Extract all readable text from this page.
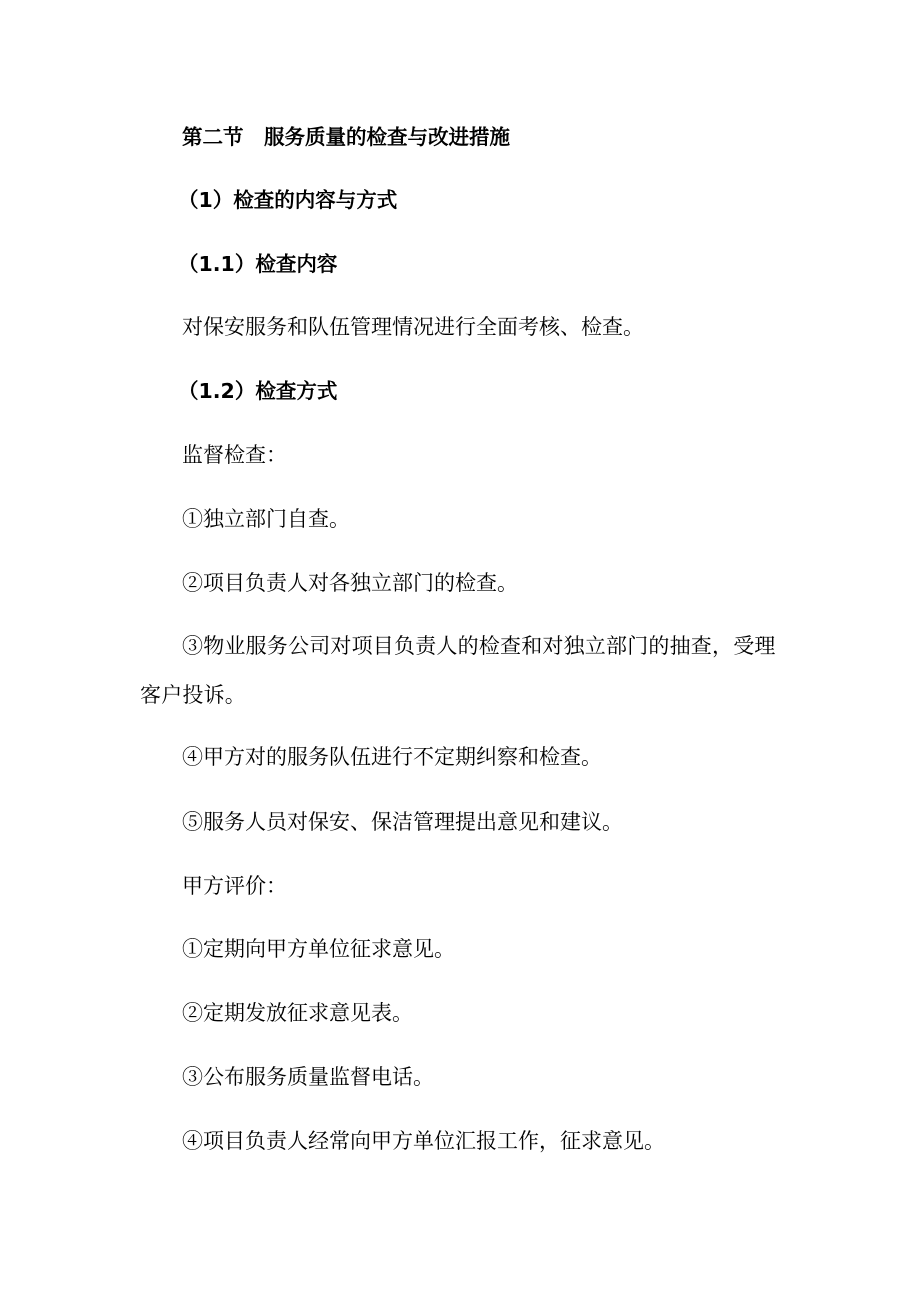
第二节　服务质量的检查与改进措施
（1）检查的内容与方式
（1.1）检查内容
对保安服务和队伍管理情况进行全面考核、检查。
（1.2）检查方式
监督检查：
①独立部门自查。
②项目负责人对各独立部门的检查。
③物业服务公司对项目负责人的检查和对独立部门的抽查，受理客户投诉。
④甲方对的服务队伍进行不定期纠察和检查。
⑤服务人员对保安、保洁管理提出意见和建议。
甲方评价：
①定期向甲方单位征求意见。
②定期发放征求意见表。
③公布服务质量监督电话。
④项目负责人经常向甲方单位汇报工作，征求意见。
